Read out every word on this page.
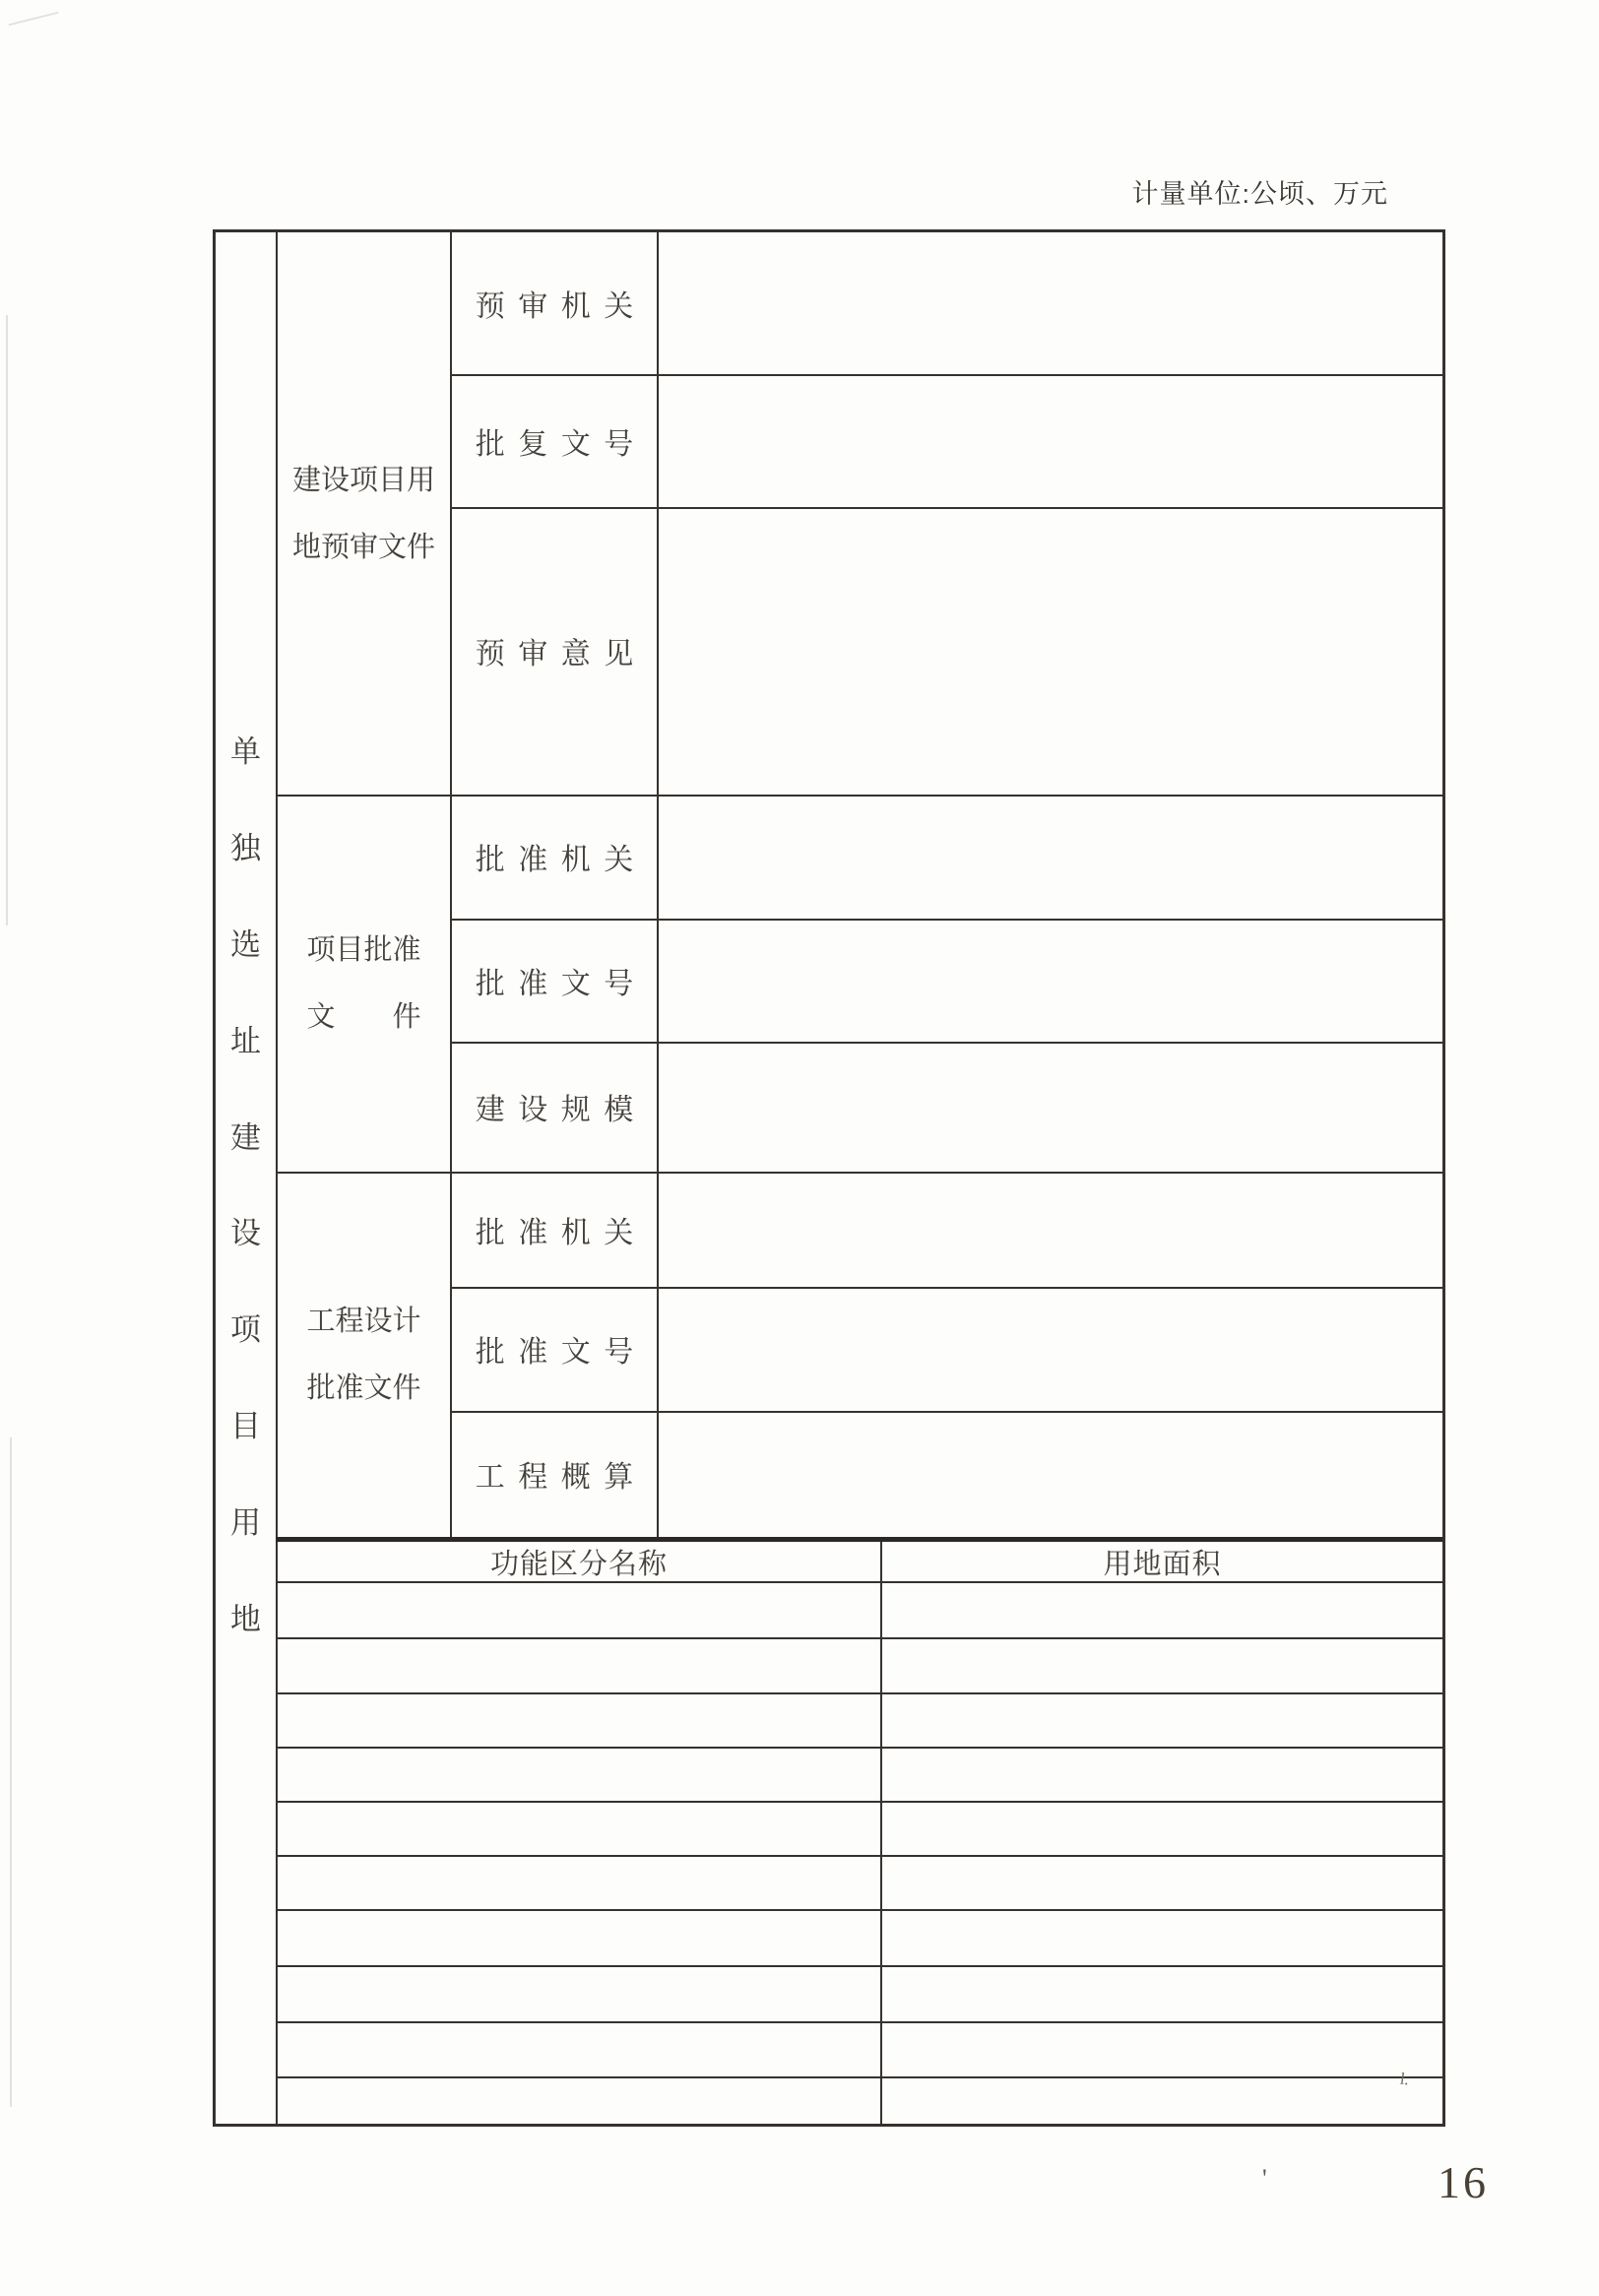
计量单位:公顷、万元
单
独
选
址
建
设
项
目
用
地
建设项目用
地预审文件
项目批准
文　　件
工程设计
批准文件
预审机关
批复文号
预审意见
批准机关
批准文号
建设规模
批准机关
批准文号
工程概算
功能区分名称	用地面积
16
'
l.
